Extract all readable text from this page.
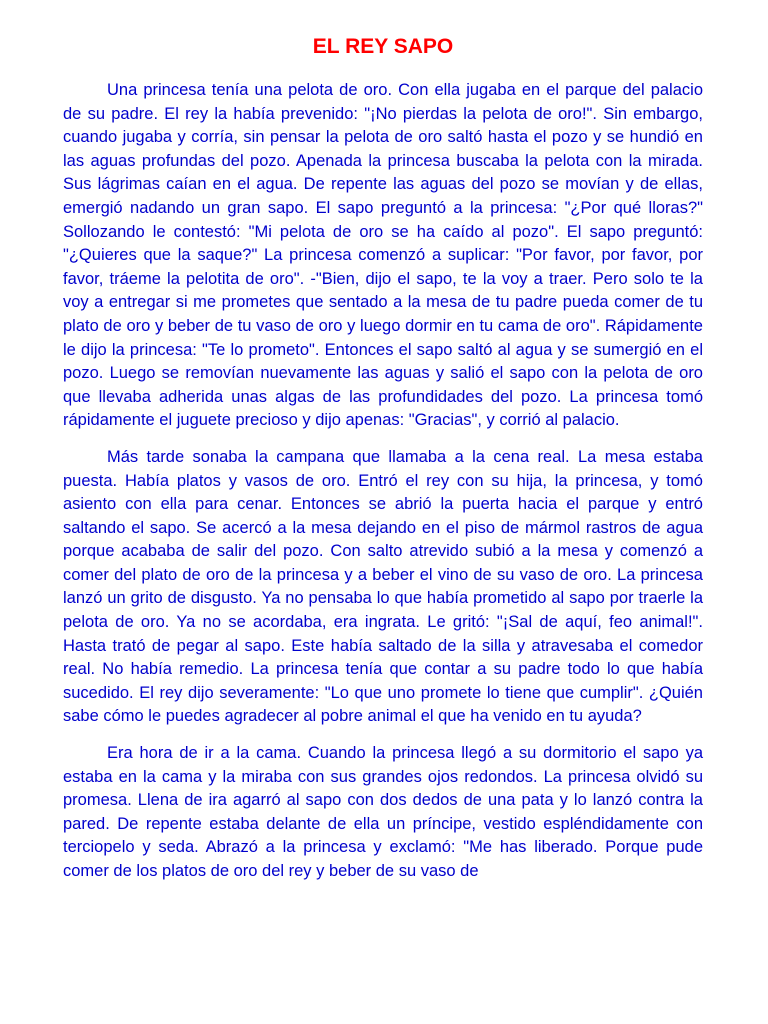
EL REY SAPO

Una princesa tenía una pelota de oro. Con ella jugaba en el parque del palacio de su padre. El rey la había prevenido: "¡No pierdas la pelota de oro!". Sin embargo, cuando jugaba y corría, sin pensar la pelota de oro saltó hasta el pozo y se hundió en las aguas profundas del pozo. Apenada la princesa buscaba la pelota con la mirada. Sus lágrimas caían en el agua. De repente las aguas del pozo se movían y de ellas, emergió nadando un gran sapo. El sapo preguntó a la princesa: "¿Por qué lloras?" Sollozando le contestó: "Mi pelota de oro se ha caído al pozo". El sapo preguntó: "¿Quieres que la saque?" La princesa comenzó a suplicar: "Por favor, por favor, por favor, tráeme la pelotita de oro". -"Bien, dijo el sapo, te la voy a traer. Pero solo te la voy a entregar si me prometes que sentado a la mesa de tu padre pueda comer de tu plato de oro y beber de tu vaso de oro y luego dormir en tu cama de oro". Rápidamente le dijo la princesa: "Te lo prometo". Entonces el sapo saltó al agua y se sumergió en el pozo. Luego se removían nuevamente las aguas y salió el sapo con la pelota de oro que llevaba adherida unas algas de las profundidades del pozo. La princesa tomó rápidamente el juguete precioso y dijo apenas: "Gracias", y corrió al palacio.

Más tarde sonaba la campana que llamaba a la cena real. La mesa estaba puesta. Había platos y vasos de oro. Entró el rey con su hija, la princesa, y tomó asiento con ella para cenar. Entonces se abrió la puerta hacia el parque y entró saltando el sapo. Se acercó a la mesa dejando en el piso de mármol rastros de agua porque acababa de salir del pozo. Con salto atrevido subió a la mesa y comenzó a comer del plato de oro de la princesa y a beber el vino de su vaso de oro. La princesa lanzó un grito de disgusto. Ya no pensaba lo que había prometido al sapo por traerle la pelota de oro. Ya no se acordaba, era ingrata. Le gritó: "¡Sal de aquí, feo animal!". Hasta trató de pegar al sapo. Este había saltado de la silla y atravesaba el comedor real. No había remedio. La princesa tenía que contar a su padre todo lo que había sucedido. El rey dijo severamente: "Lo que uno promete lo tiene que cumplir". ¿Quién sabe cómo le puedes agradecer al pobre animal el que ha venido en tu ayuda?

Era hora de ir a la cama. Cuando la princesa llegó a su dormitorio el sapo ya estaba en la cama y la miraba con sus grandes ojos redondos. La princesa olvidó su promesa. Llena de ira agarró al sapo con dos dedos de una pata y lo lanzó contra la pared. De repente estaba delante de ella un príncipe, vestido espléndidamente con terciopelo y seda. Abrazó a la princesa y exclamó: "Me has liberado. Porque pude comer de los platos de oro del rey y beber de su vaso de
